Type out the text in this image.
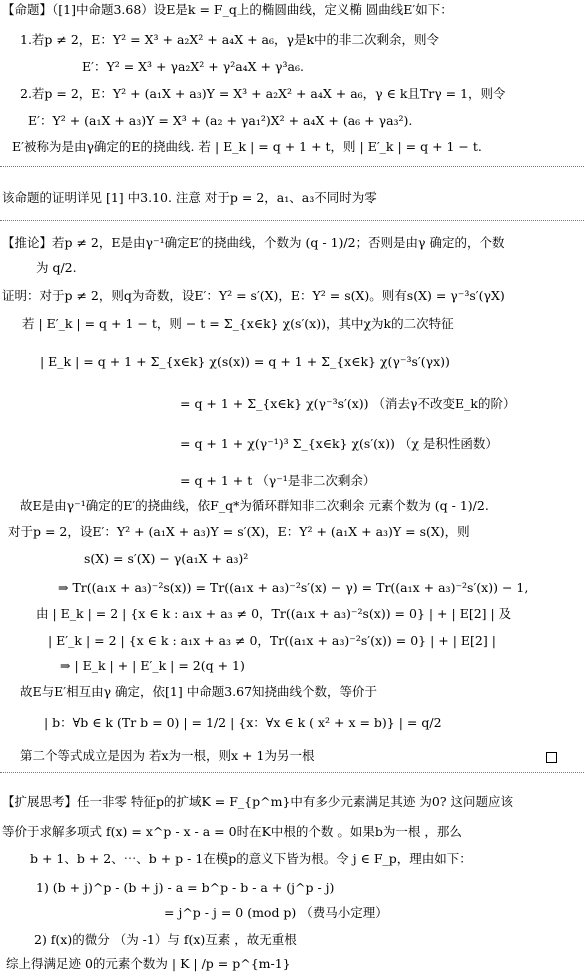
【命题】（[1]中命题3.68）设E是k = F_q上的椭圆曲线，定义椭 圆曲线E′如下：
1.若p ≠ 2，E：Y² = X³ + a₂X² + a₄X + a₆，γ是k中的非二次剩余，则令
E′：Y² = X³ + γa₂X² + γ²a₄X + γ³a₆.
2.若p = 2，E：Y² + (a₁X + a₃)Y = X³ + a₂X² + a₄X + a₆，γ ∈ k且Trγ = 1，则令
E′：Y² + (a₁X + a₃)Y = X³ + (a₂ + γa₁²)X² + a₄X + (a₆ + γa₃²).
E′被称为是由γ确定的E的挠曲线. 若 | E_k | = q + 1 + t，则 | E′_k | = q + 1 − t.
该命题的证明详见 [1] 中3.10. 注意 对于p = 2，a₁、a₃不同时为零
【推论】若p ≠ 2，E是由γ⁻¹确定E′的挠曲线，个数为 (q - 1)/2；否则是由γ 确定的，个数
为 q/2.
证明：对于p ≠ 2，则q为奇数，设E′：Y² = s′(X)，E：Y² = s(X)。则有s(X) = γ⁻³s′(γX)
若 | E′_k | = q + 1 − t，则 − t = Σ_{x∈k} χ(s′(x))，其中χ为k的二次特征
| E_k | = q + 1 + Σ_{x∈k} χ(s(x)) = q + 1 + Σ_{x∈k} χ(γ⁻³s′(γx))
= q + 1 + Σ_{x∈k} χ(γ⁻³s′(x)) （消去γ不改变E_k的阶）
= q + 1 + χ(γ⁻¹)³ Σ_{x∈k} χ(s′(x)) （χ 是积性函数）
= q + 1 + t （γ⁻¹是非二次剩余）
故E是由γ⁻¹确定的E′的挠曲线，依F_q*为循环群知非二次剩余 元素个数为 (q - 1)/2.
对于p = 2，设E′：Y² + (a₁X + a₃)Y = s′(X)，E：Y² + (a₁X + a₃)Y = s(X)，则
s(X) = s′(X) − γ(a₁X + a₃)²
⇒ Tr((a₁x + a₃)⁻²s(x)) = Tr((a₁x + a₃)⁻²s′(x) − γ) = Tr((a₁x + a₃)⁻²s′(x)) − 1,
由 | E_k | = 2 | {x ∈ k : a₁x + a₃ ≠ 0，Tr((a₁x + a₃)⁻²s(x)) = 0} | + | E[2] | 及
| E′_k | = 2 | {x ∈ k : a₁x + a₃ ≠ 0，Tr((a₁x + a₃)⁻²s′(x)) = 0} | + | E[2] |
⇒ | E_k | + | E′_k | = 2(q + 1)
故E与E′相互由γ 确定，依[1] 中命题3.67知挠曲线个数，等价于
| b：∀b ∈ k (Tr b = 0) | = 1/2 | {x：∀x ∈ k ( x² + x = b)} | = q/2
第二个等式成立是因为 若x为一根，则x + 1为另一根
【扩展思考】任一非零 特征p的扩域K = F_{p^m}中有多少元素满足其迹 为0? 这问题应该
等价于求解多项式 f(x) = x^p - x - a = 0时在K中根的个数 。如果b为一根 ，那么
b + 1、b + 2、⋯、b + p - 1在模p的意义下皆为根。令 j ∈ F_p，理由如下：
1) (b + j)^p - (b + j) - a = b^p - b - a + (j^p - j)
= j^p - j = 0 (mod p) （费马小定理）
2) f(x)的微分 （为 -1）与 f(x)互素 ，故无重根
综上得满足迹 0的元素个数为 | K | /p = p^{m-1}
